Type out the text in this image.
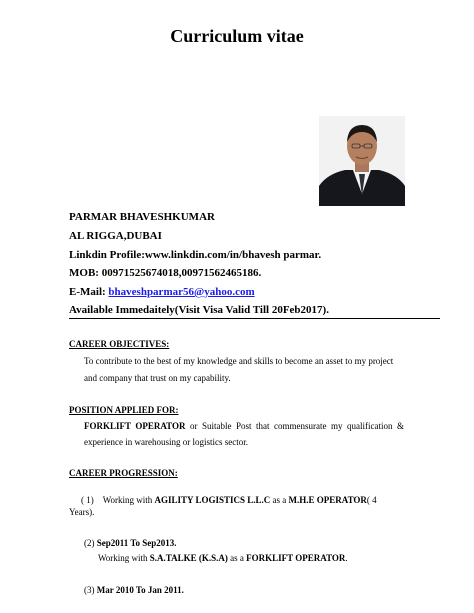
Curriculum vitae
PARMAR BHAVESHKUMAR
AL RIGGA,DUBAI
Linkdin Profile:www.linkdin.com/in/bhavesh parmar.
MOB: 00971525674018,00971562465186.
E-Mail: bhaveshparmar56@yahoo.com
Available Immedaitely(Visit Visa Valid Till 20Feb2017).
CAREER OBJECTIVES:
To contribute to the best of my knowledge and skills to become an asset to my project
and company that trust on my capability.
POSITION APPLIED FOR:
FORKLIFT OPERATOR or Suitable Post that commensurate my qualification &
experience in warehousing or logistics sector.
CAREER PROGRESSION:
( 1) Working with AGILITY LOGISTICS L.L.C as a M.H.E OPERATOR( 4
Years).
(2) Sep2011 To Sep2013.
Working with S.A.TALKE (K.S.A) as a FORKLIFT OPERATOR.
(3) Mar 2010 To Jan 2011.
